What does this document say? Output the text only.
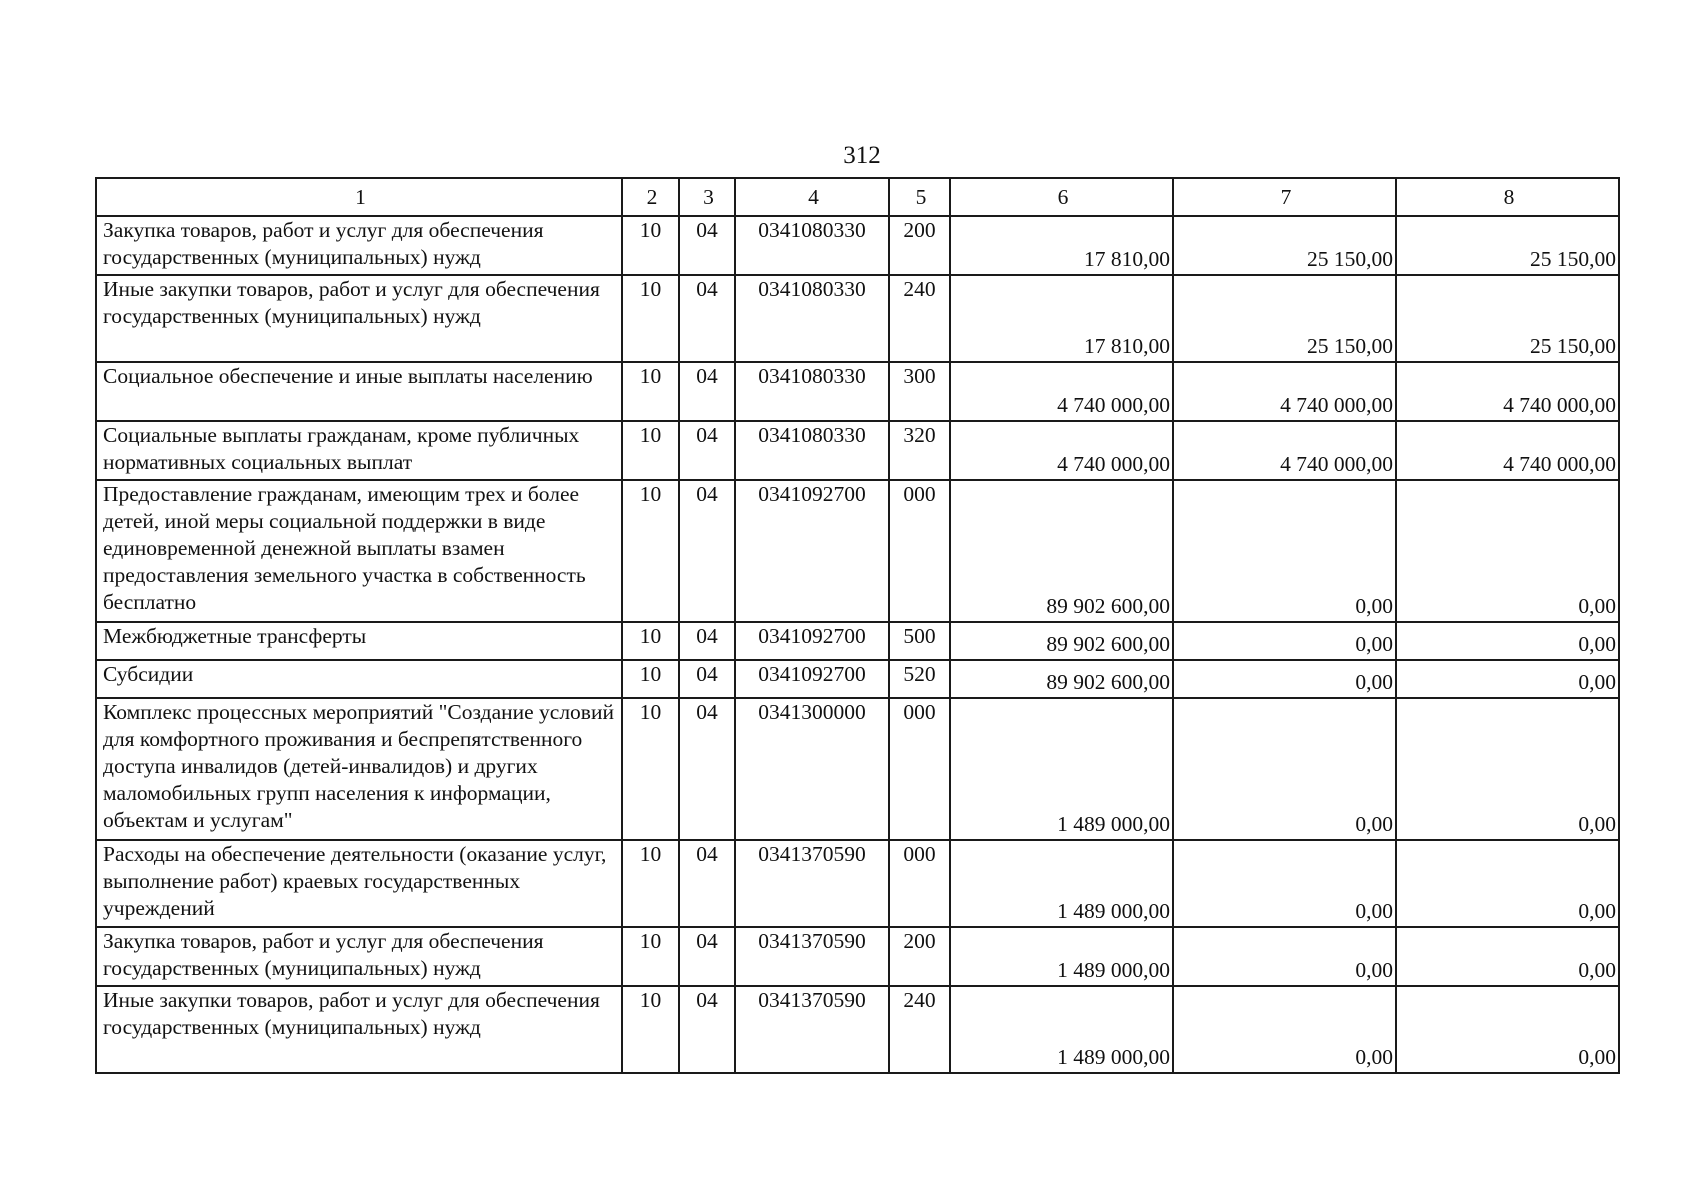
312
1	2	3	4	5	6	7	8
Закупка товаров, работ и услуг для обеспечения государственных (муниципальных) нужд	10	04	0341080330	200	17 810,00	25 150,00	25 150,00
Иные закупки товаров, работ и услуг для обеспечения государственных (муниципальных) нужд	10	04	0341080330	240	17 810,00	25 150,00	25 150,00
Социальное обеспечение и иные выплаты населению	10	04	0341080330	300	4 740 000,00	4 740 000,00	4 740 000,00
Социальные выплаты гражданам, кроме публичных нормативных социальных выплат	10	04	0341080330	320	4 740 000,00	4 740 000,00	4 740 000,00
Предоставление гражданам, имеющим трех и более детей, иной меры социальной поддержки в виде единовременной денежной выплаты взамен предоставления земельного участка в собственность бесплатно	10	04	0341092700	000	89 902 600,00	0,00	0,00
Межбюджетные трансферты	10	04	0341092700	500	89 902 600,00	0,00	0,00
Субсидии	10	04	0341092700	520	89 902 600,00	0,00	0,00
Комплекс процессных мероприятий "Создание условий для комфортного проживания и беспрепятственного доступа инвалидов (детей-инвалидов) и других маломобильных групп населения к информации, объектам и услугам"	10	04	0341300000	000	1 489 000,00	0,00	0,00
Расходы на обеспечение деятельности (оказание услуг, выполнение работ) краевых государственных учреждений	10	04	0341370590	000	1 489 000,00	0,00	0,00
Закупка товаров, работ и услуг для обеспечения государственных (муниципальных) нужд	10	04	0341370590	200	1 489 000,00	0,00	0,00
Иные закупки товаров, работ и услуг для обеспечения государственных (муниципальных) нужд	10	04	0341370590	240	1 489 000,00	0,00	0,00
